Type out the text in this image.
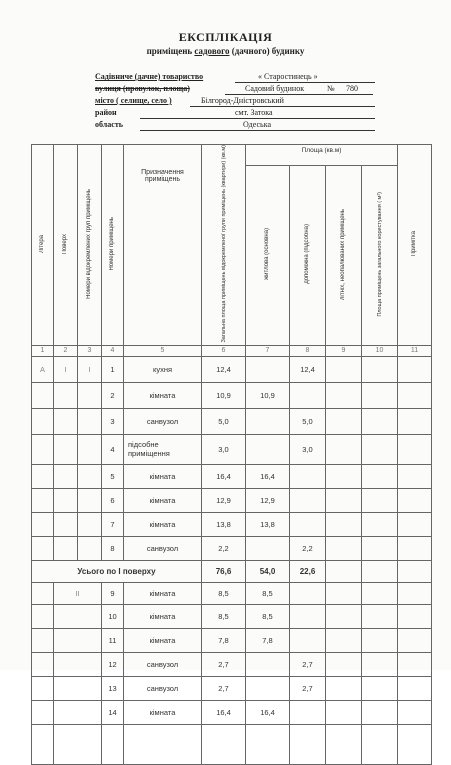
ЕКСПЛІКАЦІЯ
приміщень садового (дачного) будинку
Садівниче (дачне) товариство	« Старостинець »
вулиця (провулок, площа)	Садовий будинок	№ 780
місто ( селище, село )	Білгород-Дністровський
район	смт. Затока
область	Одеська
Літера	Поверх	Номери відокремлених груп приміщень	Номери приміщень	Призначення приміщень	Загальна площа приміщень відокремленої групи приміщень (квартири) (кв.м)	Площа (кв.м)				Примітка
						житлова (основна)	допоміжна (підсобна)	літніх, неопалюваних приміщень	Площа приміщень загального користування ( м²)	
1	2	3	4	5	6	7	8	9	10	11
А	I	I	1	кухня	12,4		12,4			
			2	кімната	10,9	10,9				
			3	санвузол	5,0		5,0			
			4	підсобне приміщення	3,0		3,0			
			5	кімната	16,4	16,4				
			6	кімната	12,9	12,9				
			7	кімната	13,8	13,8				
			8	санвузол	2,2		2,2			
Усього по І поверху					76,6	54,0	22,6			
	II		9	кімната	8,5	8,5				
			10	кімната	8,5	8,5				
			11	кімната	7,8	7,8				
			12	санвузол	2,7		2,7			
			13	санвузол	2,7		2,7			
			14	кімната	16,4	16,4				
